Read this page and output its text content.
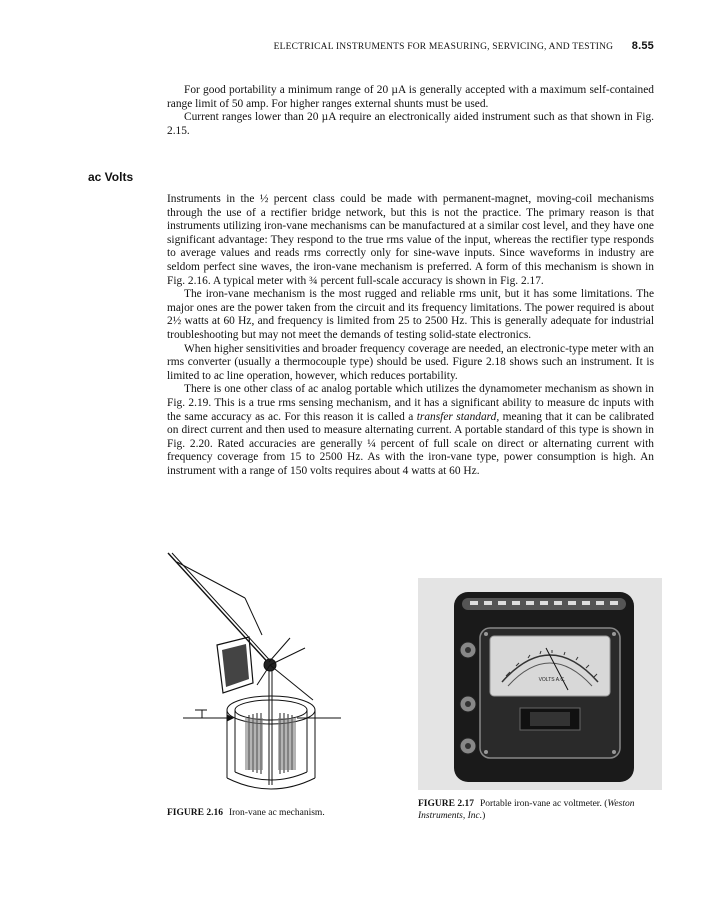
ELECTRICAL INSTRUMENTS FOR MEASURING, SERVICING, AND TESTING 8.55

For good portability a minimum range of 20 µA is generally accepted with a maximum self-contained range limit of 50 amp. For higher ranges external shunts must be used.

Current ranges lower than 20 µA require an electronically aided instrument such as that shown in Fig. 2.15.

ac Volts

Instruments in the ½ percent class could be made with permanent-magnet, moving-coil mechanisms through the use of a rectifier bridge network, but this is not the practice. The primary reason is that instruments utilizing iron-vane mechanisms can be manufactured at a similar cost level, and they have one significant advantage: They respond to the true rms value of the input, whereas the rectifier type responds to average values and reads rms correctly only for sine-wave inputs. Since waveforms in industry are seldom perfect sine waves, the iron-vane mechanism is preferred. A form of this mechanism is shown in Fig. 2.16. A typical meter with ¾ percent full-scale accuracy is shown in Fig. 2.17.

The iron-vane mechanism is the most rugged and reliable rms unit, but it has some limitations. The major ones are the power taken from the circuit and its frequency limitations. The power required is about 2½ watts at 60 Hz, and frequency is limited from 25 to 2500 Hz. This is generally adequate for industrial troubleshooting but may not meet the demands of testing solid-state electronics.

When higher sensitivities and broader frequency coverage are needed, an electronic-type meter with an rms converter (usually a thermocouple type) should be used. Figure 2.18 shows such an instrument. It is limited to ac line operation, however, which reduces portability.

There is one other class of ac analog portable which utilizes the dynamometer mechanism as shown in Fig. 2.19. This is a true rms sensing mechanism, and it has a significant ability to measure dc inputs with the same accuracy as ac. For this reason it is called a transfer standard, meaning that it can be calibrated on direct current and then used to measure alternating current. A portable standard of this type is shown in Fig. 2.20. Rated accuracies are generally ¼ percent of full scale on direct or alternating current with frequency coverage from 15 to 2500 Hz. As with the iron-vane type, power consumption is high. An instrument with a range of 150 volts requires about 4 watts at 60 Hz.

FIGURE 2.16 Iron-vane ac mechanism.
VOLTS A.C.
FIGURE 2.17 Portable iron-vane ac voltmeter. (Weston Instruments, Inc.)
